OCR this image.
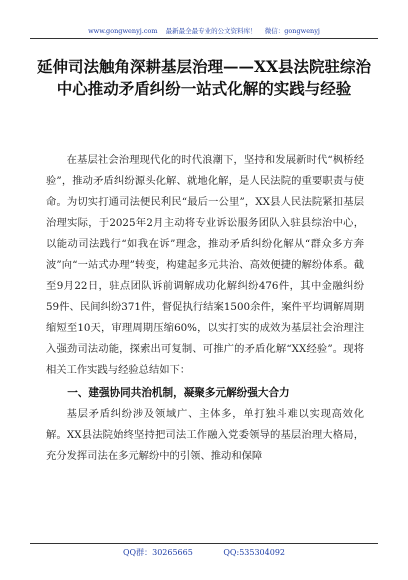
www.gongwenyj.com 最新最全最专业的公文资料库！ 微信：gongwenyj
延伸司法触角深耕基层治理——XX县法院驻综治中心推动矛盾纠纷一站式化解的实践与经验

在基层社会治理现代化的时代浪潮下，坚持和发展新时代“枫桥经验”，推动矛盾纠纷源头化解、就地化解，是人民法院的重要职责与使命。为切实打通司法便民利民“最后一公里”，XX县人民法院紧扣基层治理实际，于2025年2月主动将专业诉讼服务团队入驻县综治中心，以能动司法践行“如我在诉”理念，推动矛盾纠纷化解从“群众多方奔波”向“一站式办理”转变，构建起多元共治、高效便捷的解纷体系。截至9月22日，驻点团队诉前调解成功化解纠纷476件，其中金融纠纷59件、民间纠纷371件，督促执行结案1500余件，案件平均调解周期缩短至10天，审理周期压缩60%，以实打实的成效为基层社会治理注入强劲司法动能，探索出可复制、可推广的矛盾化解“XX经验”。现将相关工作实践与经验总结如下：

一、建强协同共治机制，凝聚多元解纷强大合力

基层矛盾纠纷涉及领域广、主体多，单打独斗难以实现高效化解。XX县法院始终坚持把司法工作融入党委领导的基层治理大格局，充分发挥司法在多元解纷中的引领、推动和保障

QQ群：30265665	QQ:535304092
